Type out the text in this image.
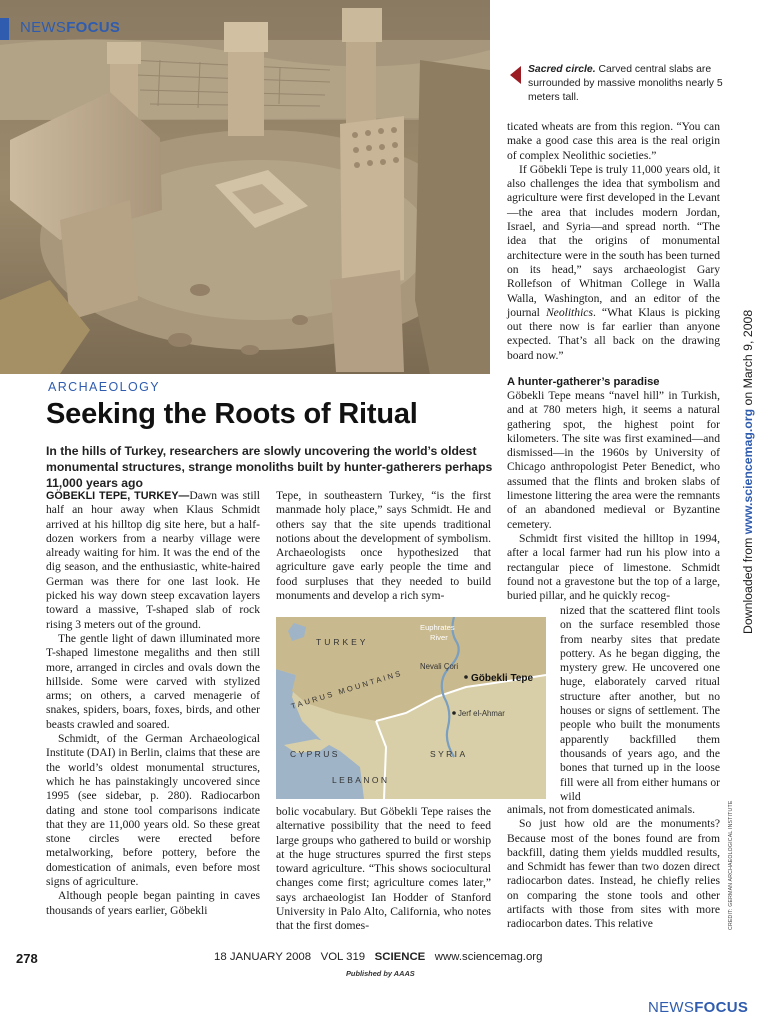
NEWSFOCUS
Sacred circle. Carved central slabs are surrounded by massive monoliths nearly 5 meters tall.

ticated wheats are from this region. “You can make a good case this area is the real origin of complex Neolithic societies.”

If Göbekli Tepe is truly 11,000 years old, it also challenges the idea that symbolism and agriculture were first developed in the Levant—the area that includes modern Jordan, Israel, and Syria—and spread north. “The idea that the origins of monumental architecture were in the south has been turned on its head,” says archaeologist Gary Rollefson of Whitman College in Walla Walla, Washington, and an editor of the journal Neolithics. “What Klaus is picking out there now is far earlier than anyone expected. That’s all back on the drawing board now.”

A hunter-gatherer’s paradise

Göbekli Tepe means “navel hill” in Turkish, and at 780 meters high, it seems a natural gathering spot, the highest point for kilometers. The site was first examined—and dismissed—in the 1960s by University of Chicago anthropologist Peter Benedict, who assumed that the flints and broken slabs of limestone littering the area were the remnants of an abandoned medieval or Byzantine cemetery.

Schmidt first visited the hilltop in 1994, after a local farmer had run his plow into a rectangular piece of limestone. Schmidt found not a gravestone but the top of a large, buried pillar, and he quickly recog-

nized that the scattered flint tools on the surface resembled those from nearby sites that predate pottery. As he began digging, the mystery grew. He uncovered one huge, elaborately carved ritual structure after another, but no houses or signs of settlement. The people who built the monuments apparently backfilled them thousands of years ago, and the bones that turned up in the loose fill were all from either humans or wild

animals, not from domesticated animals.

So just how old are the monuments? Because most of the bones found are from backfill, dating them yields muddled results, and Schmidt has fewer than two dozen direct radiocarbon dates. Instead, he chiefly relies on comparing the stone tools and other artifacts with those from sites with more radiocarbon dates. This relative

ARCHAEOLOGY
Seeking the Roots of Ritual
In the hills of Turkey, researchers are slowly uncovering the world’s oldest monumental structures, strange monoliths built by hunter-gatherers perhaps 11,000 years ago

GÖBEKLI TEPE, TURKEY—Dawn was still half an hour away when Klaus Schmidt arrived at his hilltop dig site here, but a half-dozen workers from a nearby village were already waiting for him. It was the end of the dig season, and the enthusiastic, white-haired German was there for one last look. He picked his way down steep excavation layers toward a massive, T-shaped slab of rock rising 3 meters out of the ground.

The gentle light of dawn illuminated more T-shaped limestone megaliths and then still more, arranged in circles and ovals down the hillside. Some were carved with stylized arms; on others, a carved menagerie of snakes, spiders, boars, foxes, birds, and other beasts crawled and soared.

Schmidt, of the German Archaeological Institute (DAI) in Berlin, claims that these are the world’s oldest monumental structures, which he has painstakingly uncovered since 1995 (see sidebar, p. 280). Radiocarbon dating and stone tool comparisons indicate that they are 11,000 years old. So these great stone circles were erected before metalworking, before pottery, before the domestication of animals, even before most signs of agriculture.

Although people began painting in caves thousands of years earlier, Göbekli

Tepe, in southeastern Turkey, “is the first manmade holy place,” says Schmidt. He and others say that the site upends traditional notions about the development of symbolism. Archaeologists once hypothesized that agriculture gave early people the time and food surpluses that they needed to build monuments and develop a rich sym-

TURKEY
TAURUS MOUNTAINS
Euphrates
River
Nevali Çori
Göbekli Tepe
Jerf el-Ahmar
CYPRUS	SYRIA
LEBANON

bolic vocabulary. But Göbekli Tepe raises the alternative possibility that the need to feed large groups who gathered to build or worship at the huge structures spurred the first steps toward agriculture. “This shows sociocultural changes come first; agriculture comes later,” says archaeologist Ian Hodder of Stanford University in Palo Alto, California, who notes that the first domes-

Downloaded from www.sciencemag.org on March 9, 2008
CREDIT: GERMAN ARCHAEOLOGICAL INSTITUTE
278	18 JANUARY 2008 VOL 319 SCIENCE www.sciencemag.org
Published by AAAS
NEWSFOCUS
